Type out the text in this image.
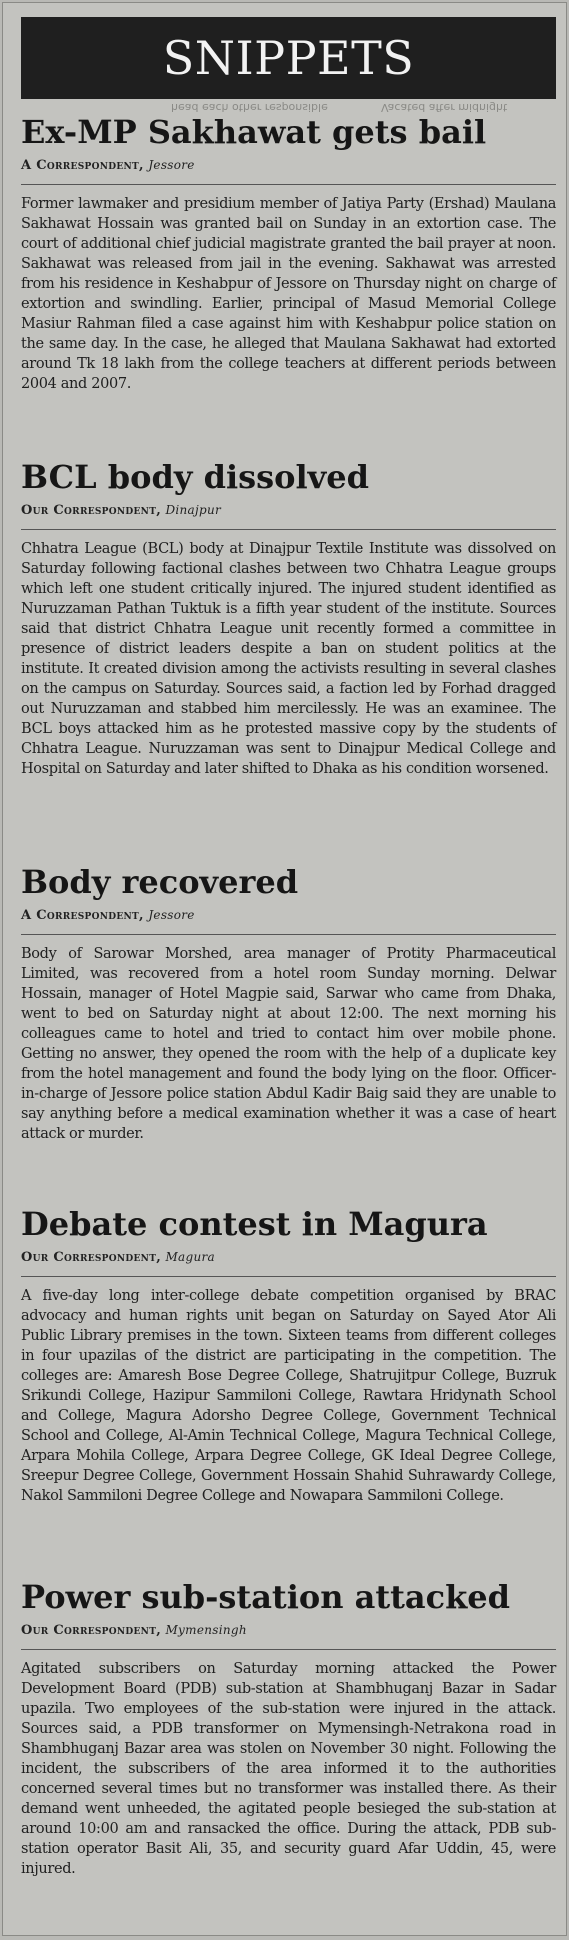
SNIPPETS
head each other responsible	Vacated after midnight
Ex-MP Sakhawat gets bail
A Correspondent, Jessore
Former lawmaker and presidium member of Jatiya Party (Ershad) Maulana Sakhawat Hossain was granted bail on Sunday in an extortion case. The court of additional chief judicial magistrate granted the bail prayer at noon. Sakhawat was released from jail in the evening. Sakhawat was arrested from his residence in Keshabpur of Jessore on Thursday night on charge of extortion and swindling. Earlier, principal of Masud Memorial College Masiur Rahman filed a case against him with Keshabpur police station on the same day. In the case, he alleged that Maulana Sakhawat had extorted around Tk 18 lakh from the college teachers at different periods between 2004 and 2007.
BCL body dissolved
Our Correspondent, Dinajpur
Chhatra League (BCL) body at Dinajpur Textile Institute was dissolved on Saturday following factional clashes between two Chhatra League groups which left one student critically injured. The injured student identified as Nuruzzaman Pathan Tuktuk is a fifth year student of the institute. Sources said that district Chhatra League unit recently formed a committee in presence of district leaders despite a ban on student politics at the institute. It created division among the activists resulting in several clashes on the campus on Saturday. Sources said, a faction led by Forhad dragged out Nuruzzaman and stabbed him mercilessly. He was an examinee. The BCL boys attacked him as he protested massive copy by the students of Chhatra League. Nuruzzaman was sent to Dinajpur Medical College and Hospital on Saturday and later shifted to Dhaka as his condition worsened.
Body recovered
A Correspondent, Jessore
Body of Sarowar Morshed, area manager of Protity Pharmaceutical Limited, was recovered from a hotel room Sunday morning. Delwar Hossain, manager of Hotel Magpie said, Sarwar who came from Dhaka, went to bed on Saturday night at about 12:00. The next morning his colleagues came to hotel and tried to contact him over mobile phone. Getting no answer, they opened the room with the help of a duplicate key from the hotel management and found the body lying on the floor. Officer-in-charge of Jessore police station Abdul Kadir Baig said they are unable to say anything before a medical examination whether it was a case of heart attack or murder.
Debate contest in Magura
Our Correspondent, Magura
A five-day long inter-college debate competition organised by BRAC advocacy and human rights unit began on Saturday on Sayed Ator Ali Public Library premises in the town. Sixteen teams from different colleges in four upazilas of the district are participating in the competition. The colleges are: Amaresh Bose Degree College, Shatrujitpur College, Buzruk Srikundi College, Hazipur Sammiloni College, Rawtara Hridynath School and College, Magura Adorsho Degree College, Government Technical School and College, Al-Amin Technical College, Magura Technical College, Arpara Mohila College, Arpara Degree College, GK Ideal Degree College, Sreepur Degree College, Government Hossain Shahid Suhrawardy College, Nakol Sammiloni Degree College and Nowapara Sammiloni College.
Power sub-station attacked
Our Correspondent, Mymensingh
Agitated subscribers on Saturday morning attacked the Power Development Board (PDB) sub-station at Shambhuganj Bazar in Sadar upazila. Two employees of the sub-station were injured in the attack. Sources said, a PDB transformer on Mymensingh-Netrakona road in Shambhuganj Bazar area was stolen on November 30 night. Following the incident, the subscribers of the area informed it to the authorities concerned several times but no transformer was installed there. As their demand went unheeded, the agitated people besieged the sub-station at around 10:00 am and ransacked the office. During the attack, PDB sub-station operator Basit Ali, 35, and security guard Afar Uddin, 45, were injured.
